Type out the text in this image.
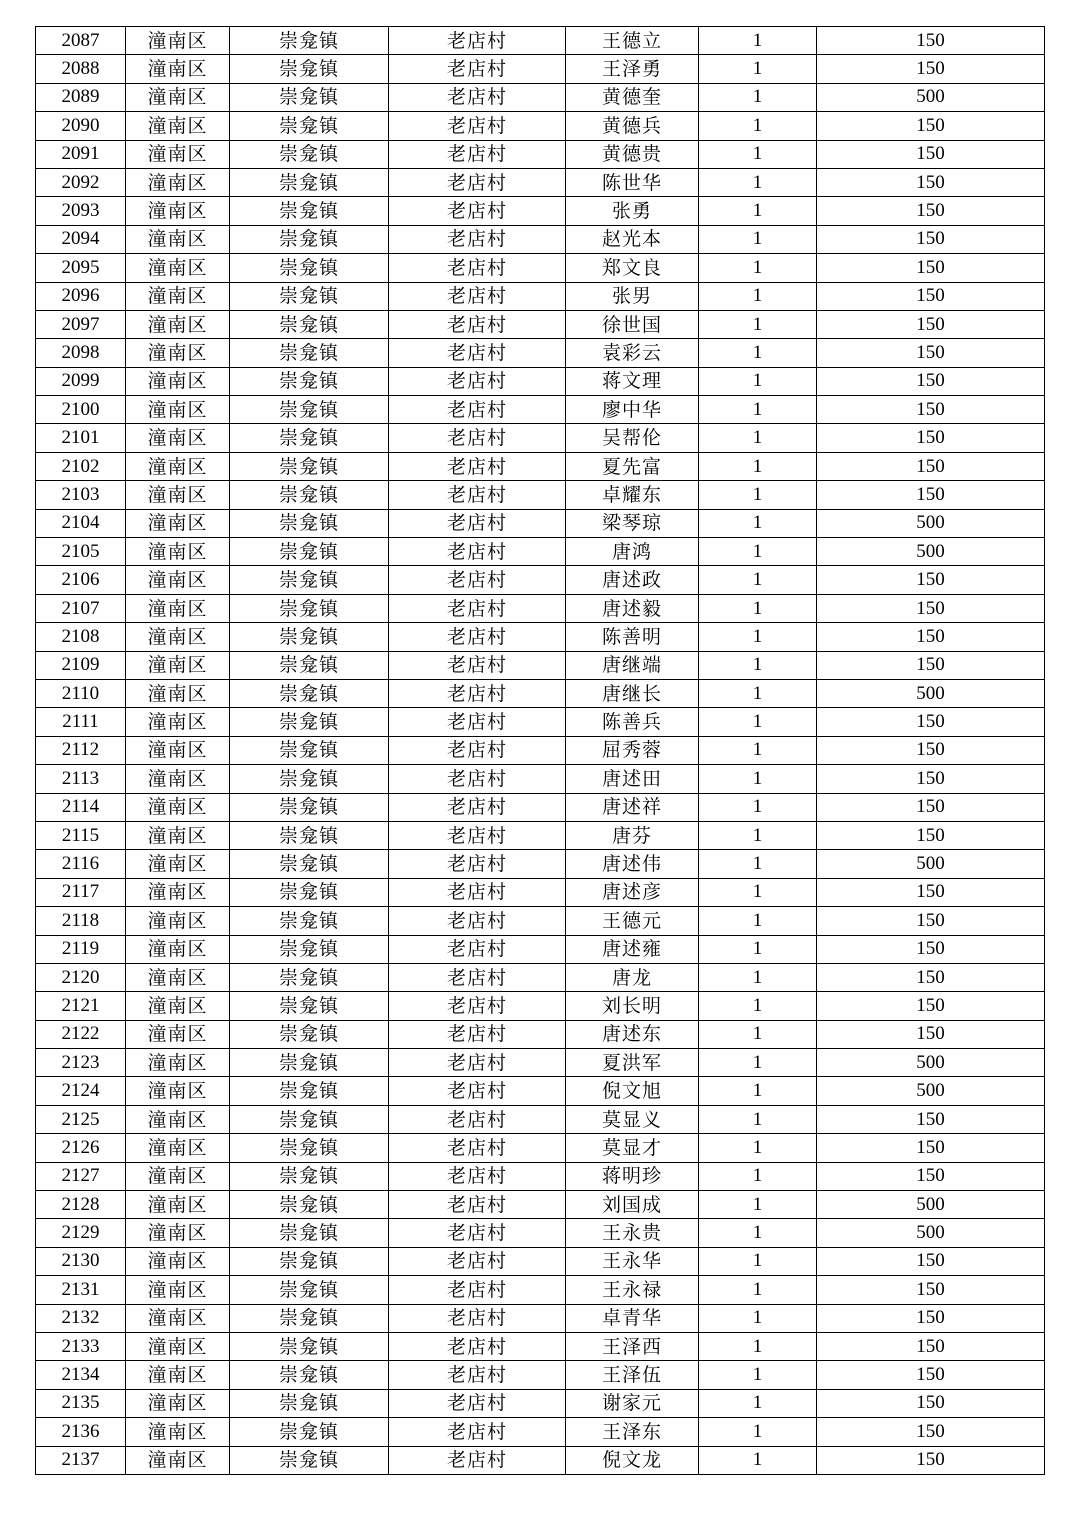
2087	潼南区	崇龛镇	老店村	王德立	1	150
2088	潼南区	崇龛镇	老店村	王泽勇	1	150
2089	潼南区	崇龛镇	老店村	黄德奎	1	500
2090	潼南区	崇龛镇	老店村	黄德兵	1	150
2091	潼南区	崇龛镇	老店村	黄德贵	1	150
2092	潼南区	崇龛镇	老店村	陈世华	1	150
2093	潼南区	崇龛镇	老店村	张勇	1	150
2094	潼南区	崇龛镇	老店村	赵光本	1	150
2095	潼南区	崇龛镇	老店村	郑文良	1	150
2096	潼南区	崇龛镇	老店村	张男	1	150
2097	潼南区	崇龛镇	老店村	徐世国	1	150
2098	潼南区	崇龛镇	老店村	袁彩云	1	150
2099	潼南区	崇龛镇	老店村	蒋文理	1	150
2100	潼南区	崇龛镇	老店村	廖中华	1	150
2101	潼南区	崇龛镇	老店村	吴帮伦	1	150
2102	潼南区	崇龛镇	老店村	夏先富	1	150
2103	潼南区	崇龛镇	老店村	卓耀东	1	150
2104	潼南区	崇龛镇	老店村	梁琴琼	1	500
2105	潼南区	崇龛镇	老店村	唐鸿	1	500
2106	潼南区	崇龛镇	老店村	唐述政	1	150
2107	潼南区	崇龛镇	老店村	唐述毅	1	150
2108	潼南区	崇龛镇	老店村	陈善明	1	150
2109	潼南区	崇龛镇	老店村	唐继端	1	150
2110	潼南区	崇龛镇	老店村	唐继长	1	500
2111	潼南区	崇龛镇	老店村	陈善兵	1	150
2112	潼南区	崇龛镇	老店村	屈秀蓉	1	150
2113	潼南区	崇龛镇	老店村	唐述田	1	150
2114	潼南区	崇龛镇	老店村	唐述祥	1	150
2115	潼南区	崇龛镇	老店村	唐芬	1	150
2116	潼南区	崇龛镇	老店村	唐述伟	1	500
2117	潼南区	崇龛镇	老店村	唐述彦	1	150
2118	潼南区	崇龛镇	老店村	王德元	1	150
2119	潼南区	崇龛镇	老店村	唐述雍	1	150
2120	潼南区	崇龛镇	老店村	唐龙	1	150
2121	潼南区	崇龛镇	老店村	刘长明	1	150
2122	潼南区	崇龛镇	老店村	唐述东	1	150
2123	潼南区	崇龛镇	老店村	夏洪军	1	500
2124	潼南区	崇龛镇	老店村	倪文旭	1	500
2125	潼南区	崇龛镇	老店村	莫显义	1	150
2126	潼南区	崇龛镇	老店村	莫显才	1	150
2127	潼南区	崇龛镇	老店村	蒋明珍	1	150
2128	潼南区	崇龛镇	老店村	刘国成	1	500
2129	潼南区	崇龛镇	老店村	王永贵	1	500
2130	潼南区	崇龛镇	老店村	王永华	1	150
2131	潼南区	崇龛镇	老店村	王永禄	1	150
2132	潼南区	崇龛镇	老店村	卓青华	1	150
2133	潼南区	崇龛镇	老店村	王泽西	1	150
2134	潼南区	崇龛镇	老店村	王泽伍	1	150
2135	潼南区	崇龛镇	老店村	谢家元	1	150
2136	潼南区	崇龛镇	老店村	王泽东	1	150
2137	潼南区	崇龛镇	老店村	倪文龙	1	150
